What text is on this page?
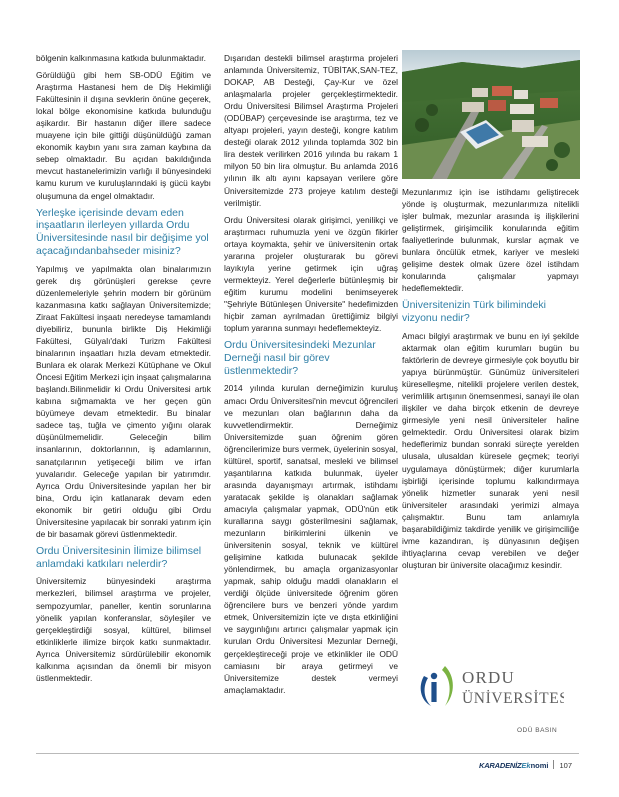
bölgenin kalkınmasına katkıda bulunmaktadır.

Görüldüğü gibi hem SB-ODÜ Eğitim ve Araştırma Hastanesi hem de Diş Hekimliği Fakültesinin il dışına sevklerin önüne geçerek, lokal bölge ekonomisine katkıda bulunduğu aşikardır. Bir hastanın diğer illere sadece muayene için bile gittiği düşünüldüğü zaman ekonomik kaybın yanı sıra zaman kaybına da sebep olmaktadır. Bu açıdan bakıldığında mevcut hastanelerimizin varlığı il bünyesindeki kamu kurum ve kuruluşlarındaki iş gücü kaybı oluşumuna da engel olmaktadır.

Yerleşke içerisinde devam eden inşaatların ilerleyen yıllarda Ordu Üniversitesinde nasıl bir değişime yol açacağındanbahseder misiniz?

Yapılmış ve yapılmakta olan binalarımızın gerek dış görünüşleri gerekse çevre düzenlemeleriyle şehrin modern bir görünüm kazanmasına katkı sağlayan Üniversitemizde; Ziraat Fakültesi inşaatı neredeyse tamamlandı diyebiliriz, bununla birlikte Diş Hekimliği Fakültesi, Gülyalı'daki Turizm Fakültesi binalarının inşaatları hızla devam etmektedir. Bunlara ek olarak Merkezi Kütüphane ve Okul Öncesi Eğitim Merkezi için inşaat çalışmalarına başlandı.Bilinmelidir ki Ordu Üniversitesi artık kabına sığmamakta ve her geçen gün büyümeye devam etmektedir. Bu binalar sadece taş, tuğla ve çimento yığını olarak düşünülmemelidir. Geleceğin bilim insanlarının, doktorlarının, iş adamlarının, sanatçılarının yetişeceği bilim ve irfan yuvalarıdır. Geleceğe yapılan bir yatırımdır. Ayrıca Ordu Üniversitesinde yapılan her bir bina, Ordu için katlanarak devam eden ekonomik bir getiri olduğu gibi Ordu Üniversitesine yapılacak bir sonraki yatırım için de bir basamak görevi üstlenmektedir.

Ordu Üniversitesinin İlimize bilimsel anlamdaki katkıları nelerdir?

Üniversitemiz bünyesindeki araştırma merkezleri, bilimsel araştırma ve projeler, sempozyumlar, paneller, kentin sorunlarına yönelik yapılan konferanslar, söyleşiler ve gerçekleştirdiği sosyal, kültürel, bilimsel etkinliklerle ilimize birçok katkı sunmaktadır. Ayrıca Üniversitemiz sürdürülebilir ekonomik kalkınma açısından da önemli bir misyon üstlenmektedir.

Dışarıdan destekli bilimsel araştırma projeleri anlamında Üniversitemiz, TÜBİTAK,SAN-TEZ, DOKAP, AB Desteği, Çay-Kur ve özel anlaşmalarla projeler gerçekleştirmektedir. Ordu Üniversitesi Bilimsel Araştırma Projeleri (ODÜBAP) çerçevesinde ise araştırma, tez ve altyapı projeleri, yayın desteği, kongre katılım desteği olarak 2012 yılında toplamda 302 bin lira destek verilirken 2016 yılında bu rakam 1 milyon 50 bin lira olmuştur. Bu anlamda 2016 yılının ilk altı ayını kapsayan verilere göre Üniversitemizde 273 projeye katılım desteği verilmiştir.

Ordu Üniversitesi olarak girişimci, yenilikçi ve araştırmacı ruhumuzla yeni ve özgün fikirler ortaya koymakta, şehir ve üniversitenin ortak yararına projeler oluşturarak bu görevi layıkıyla yerine getirmek için uğraş vermekteyiz. Yerel değerlerle bütünleşmiş bir eğitim kurumu modelini benimseyerek "Şehriyle Bütünleşen Üniversite" hedefimizden hiçbir zaman ayrılmadan ürettiğimiz bilgiyi toplum yararına sunmayı hedeflemekteyiz.

Ordu Üniversitesindeki Mezunlar Derneği nasıl bir görev üstlenmektedir?

2014 yılında kurulan derneğimizin kuruluş amacı Ordu Üniversitesi'nin mevcut öğrencileri ve mezunları olan bağlarının daha da kuvvetlendirmektir. Derneğimiz Üniversitemizde şuan öğrenim gören öğrencilerimize burs vermek, üyelerinin sosyal, kültürel, sportif, sanatsal, mesleki ve bilimsel yaşantılarına katkıda bulunmak, üyeler arasında dayanışmayı artırmak, istihdamı yaratacak şekilde iş olanakları sağlamak amacıyla çalışmalar yapmak, ODÜ'nün etik kurallarına saygı gösterilmesini sağlamak, mezunların birikimlerini ülkenin ve üniversitenin sosyal, teknik ve kültürel gelişimine katkıda bulunacak şekilde yönlendirmek, bu amaçla organizasyonlar yapmak, sahip olduğu maddi olanakların el verdiği ölçüde üniversitede öğrenim gören öğrencilere burs ve benzeri yönde yardım etmek, Üniversitemizin içte ve dışta etkinliğini ve saygınlığını artırıcı çalışmalar yapmak için kurulan Ordu Üniversitesi Mezunlar Derneği, gerçekleştireceği proje ve etkinlikler ile ODÜ camiasını bir araya getirmeyi ve Üniversitemize destek vermeyi amaçlamaktadır.

Mezunlarımız için ise istihdamı geliştirecek yönde iş oluşturmak, mezunlarımıza nitelikli işler bulmak, mezunlar arasında iş ilişkilerini geliştirmek, girişimcilik konularında eğitim faaliyetlerinde bulunmak, kurslar açmak ve bunlara öncülük etmek, kariyer ve mesleki gelişime destek olmak üzere özel istihdam konularında çalışmalar yapmayı hedeflemektedir.

Üniversitenizin Türk bilimindeki vizyonu nedir?

Amacı bilgiyi araştırmak ve bunu en iyi şekilde aktarmak olan eğitim kurumları bugün bu faktörlerin de devreye girmesiyle çok boyutlu bir yapıya bürünmüştür. Günümüz üniversiteleri küreselleşme, nitelikli projelere verilen destek, verimlilik artışının önemsenmesi, sanayi ile olan ilişkiler ve daha birçok etkenin de devreye girmesiyle yeni nesil üniversiteler haline gelmektedir. Ordu Üniversitesi olarak bizim hedeflerimiz bundan sonraki süreçte yerelden ulusala, ulusaldan küresele geçmek; teoriyi uygulamaya dönüştürmek; diğer kurumlarla işbirliği içerisinde toplumu kalkındırmaya yönelik hizmetler sunarak yeni nesil üniversiteler arasındaki yerimizi almaya çalışmaktır. Bunu tam anlamıyla başarabildiğimiz takdirde yenilik ve girişimciliğe ivme kazandıran, iş dünyasının değişen ihtiyaçlarına cevap verebilen ve değer oluşturan bir üniversite olacağımız kesindir.

ORDU
ÜNİVERSİTESİ
ODÜ BASIN
KARADENİZEknomi 107
